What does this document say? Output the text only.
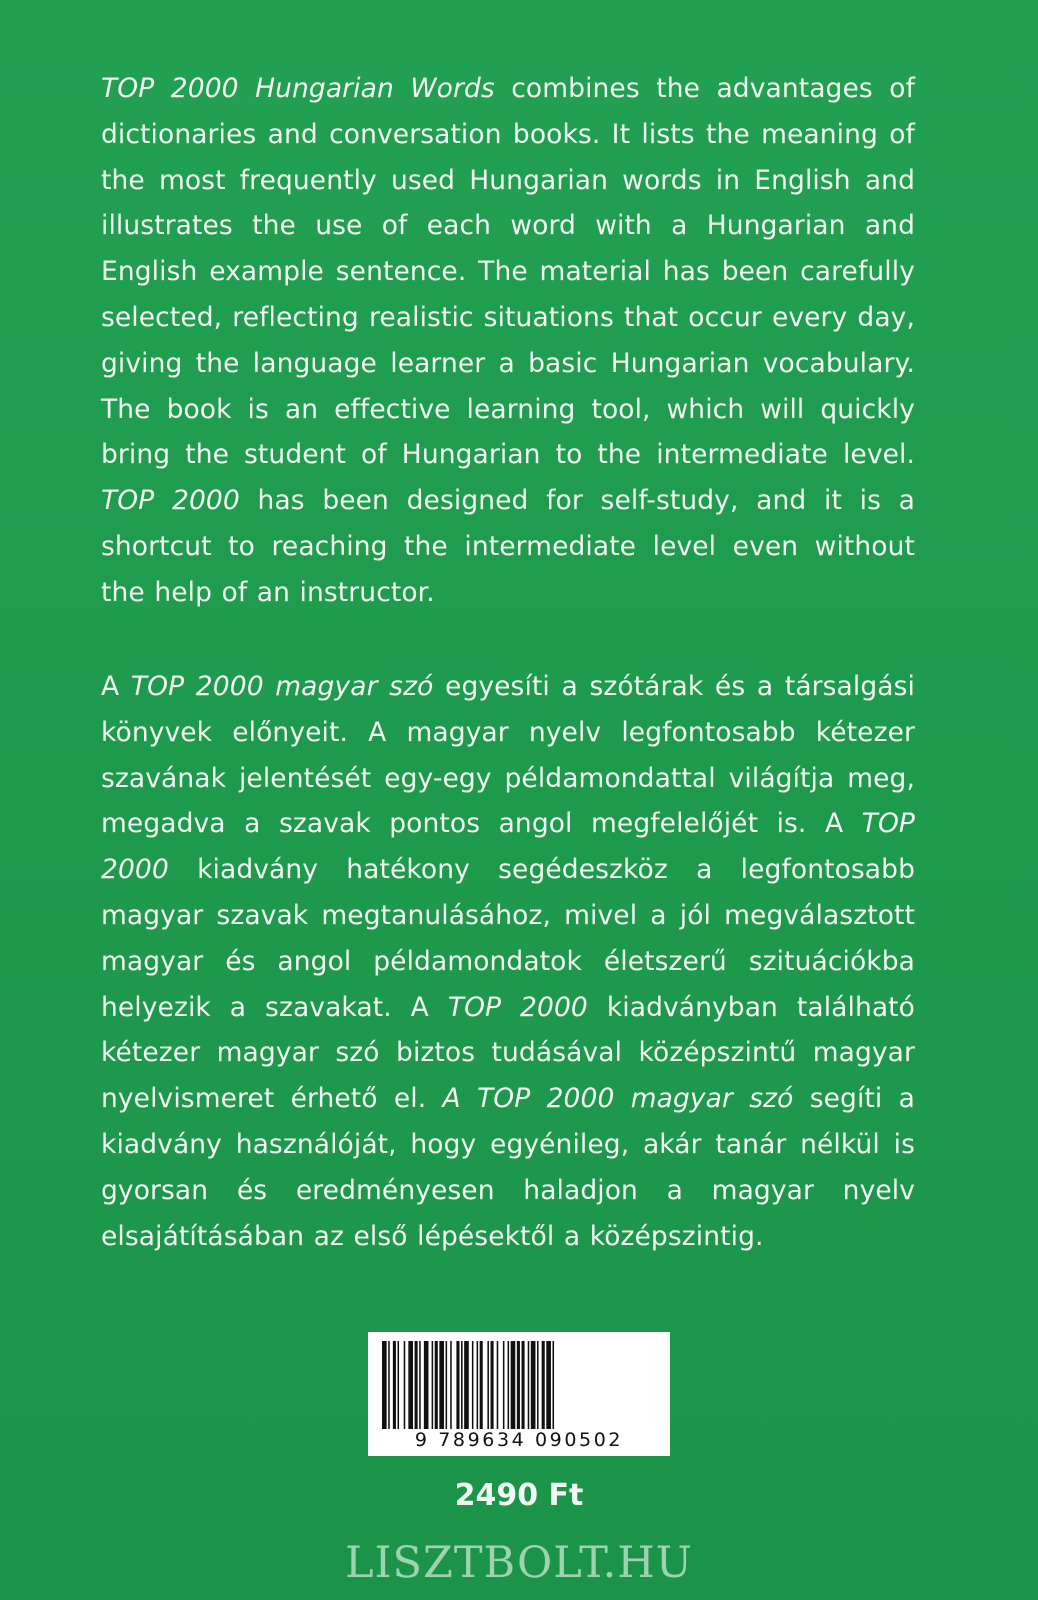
TOP 2000 Hungarian Words combines the advantages of dictionaries and conversation books. It lists the meaning of the most frequently used Hungarian words in English and illustrates the use of each word with a Hungarian and English example sentence. The material has been carefully selected, reflecting realistic situations that occur every day, giving the language learner a basic Hungarian vocabulary. The book is an effective learning tool, which will quickly bring the student of Hungarian to the intermediate level. TOP 2000 has been designed for self-study, and it is a shortcut to reaching the intermediate level even without the help of an instructor.

A TOP 2000 magyar szó egyesíti a szótárak és a társalgási könyvek előnyeit. A magyar nyelv legfontosabb kétezer szavának jelentését egy-egy példamondattal világítja meg, megadva a szavak pontos angol megfelelőjét is. A TOP 2000 kiadvány hatékony segédeszköz a legfontosabb magyar szavak megtanulásához, mivel a jól megválasztott magyar és angol példamondatok életszerű szituációkba helyezik a szavakat. A TOP 2000 kiadványban található kétezer magyar szó biztos tudásával középszintű magyar nyelvismeret érhető el. A TOP 2000 magyar szó segíti a kiadvány használóját, hogy egyénileg, akár tanár nélkül is gyorsan és eredményesen haladjon a magyar nyelv elsajátításában az első lépésektől a középszintig.

9 789634 090502
2490 Ft
LISZTBOLT.HU
